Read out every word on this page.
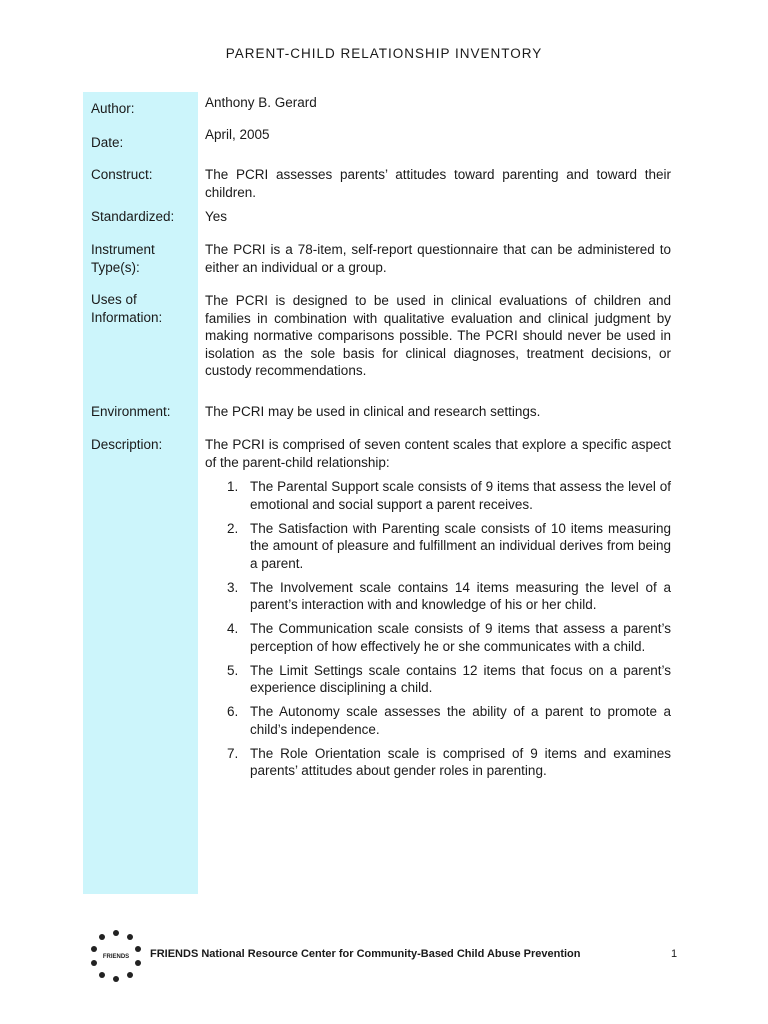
PARENT-CHILD RELATIONSHIP INVENTORY
Author:	Anthony B. Gerard
Date:
April, 2005
Construct:	The PCRI assesses parents’ attitudes toward parenting and toward their children.
Standardized:	Yes
Instrument Type(s):
The PCRI is a 78-item, self-report questionnaire that can be administered to either an individual or a group.
Uses of Information:
The PCRI is designed to be used in clinical evaluations of children and families in combination with qualitative evaluation and clinical judgment by making normative comparisons possible. The PCRI should never be used in isolation as the sole basis for clinical diagnoses, treatment decisions, or custody recommendations.
Environment:	The PCRI may be used in clinical and research settings.
Description:	The PCRI is comprised of seven content scales that explore a specific aspect of the parent-child relationship:
1. The Parental Support scale consists of 9 items that assess the level of emotional and social support a parent receives.
2. The Satisfaction with Parenting scale consists of 10 items measuring the amount of pleasure and fulfillment an individual derives from being a parent.
3. The Involvement scale contains 14 items measuring the level of a parent’s interaction with and knowledge of his or her child.
4. The Communication scale consists of 9 items that assess a parent’s perception of how effectively he or she communicates with a child.
5. The Limit Settings scale contains 12 items that focus on a parent’s experience disciplining a child.
6. The Autonomy scale assesses the ability of a parent to promote a child’s independence.
7. The Role Orientation scale is comprised of 9 items and examines parents’ attitudes about gender roles in parenting.
FRIENDS FRIENDS National Resource Center for Community-Based Child Abuse Prevention	1
